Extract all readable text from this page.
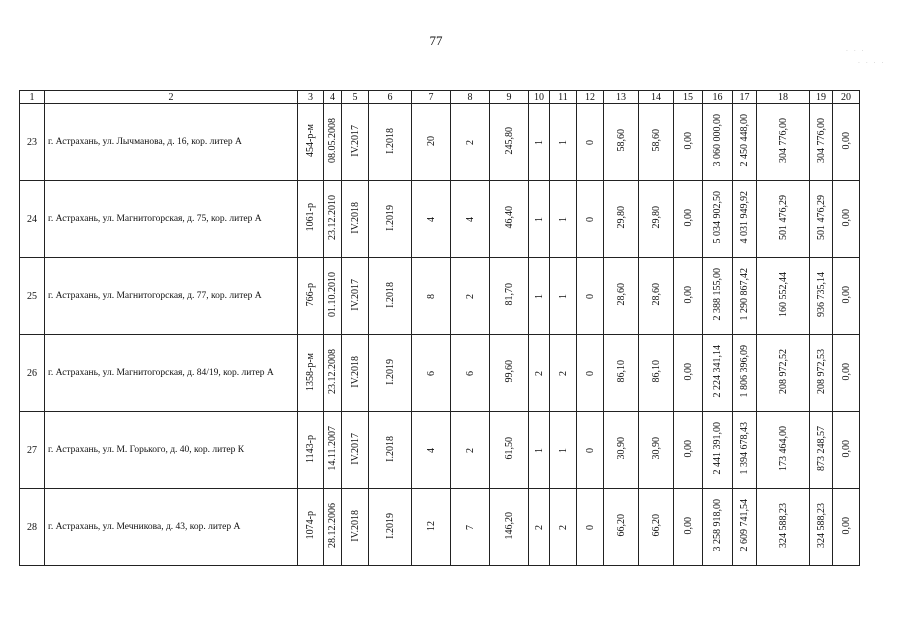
77
· · ·
· · · ·
1	2	3	4	5	6	7	8	9	10	11	12	13	14	15	16	17	18	19	20
23	г. Астрахань, ул. Лычманова, д. 16, кор. литер А	454-р-м	08.05.2008	IV.2017	I.2018	20	2	245,80	1	1	0	58,60	58,60	0,00	3 060 000,00	2 450 448,00	304 776,00	304 776,00	0,00
24	г. Астрахань, ул. Магнитогорская, д. 75, кор. литер А	1061-р	23.12.2010	IV.2018	I.2019	4	4	46,40	1	1	0	29,80	29,80	0,00	5 034 902,50	4 031 949,92	501 476,29	501 476,29	0,00
25	г. Астрахань, ул. Магнитогорская, д. 77, кор. литер А	766-р	01.10.2010	IV.2017	I.2018	8	2	81,70	1	1	0	28,60	28,60	0,00	2 388 155,00	1 290 867,42	160 552,44	936 735,14	0,00
26	г. Астрахань, ул. Магнитогорская, д. 84/19, кор. литер А	1358-р-м	23.12.2008	IV.2018	I.2019	6	6	99,60	2	2	0	86,10	86,10	0,00	2 224 341,14	1 806 396,09	208 972,52	208 972,53	0,00
27	г. Астрахань, ул. М. Горького, д. 40, кор. литер К	1143-р	14.11.2007	IV.2017	I.2018	4	2	61,50	1	1	0	30,90	30,90	0,00	2 441 391,00	1 394 678,43	173 464,00	873 248,57	0,00
28	г. Астрахань, ул. Мечникова, д. 43, кор. литер А	1074-р	28.12.2006	IV.2018	I.2019	12	7	146,20	2	2	0	66,20	66,20	0,00	3 258 918,00	2 609 741,54	324 588,23	324 588,23	0,00
